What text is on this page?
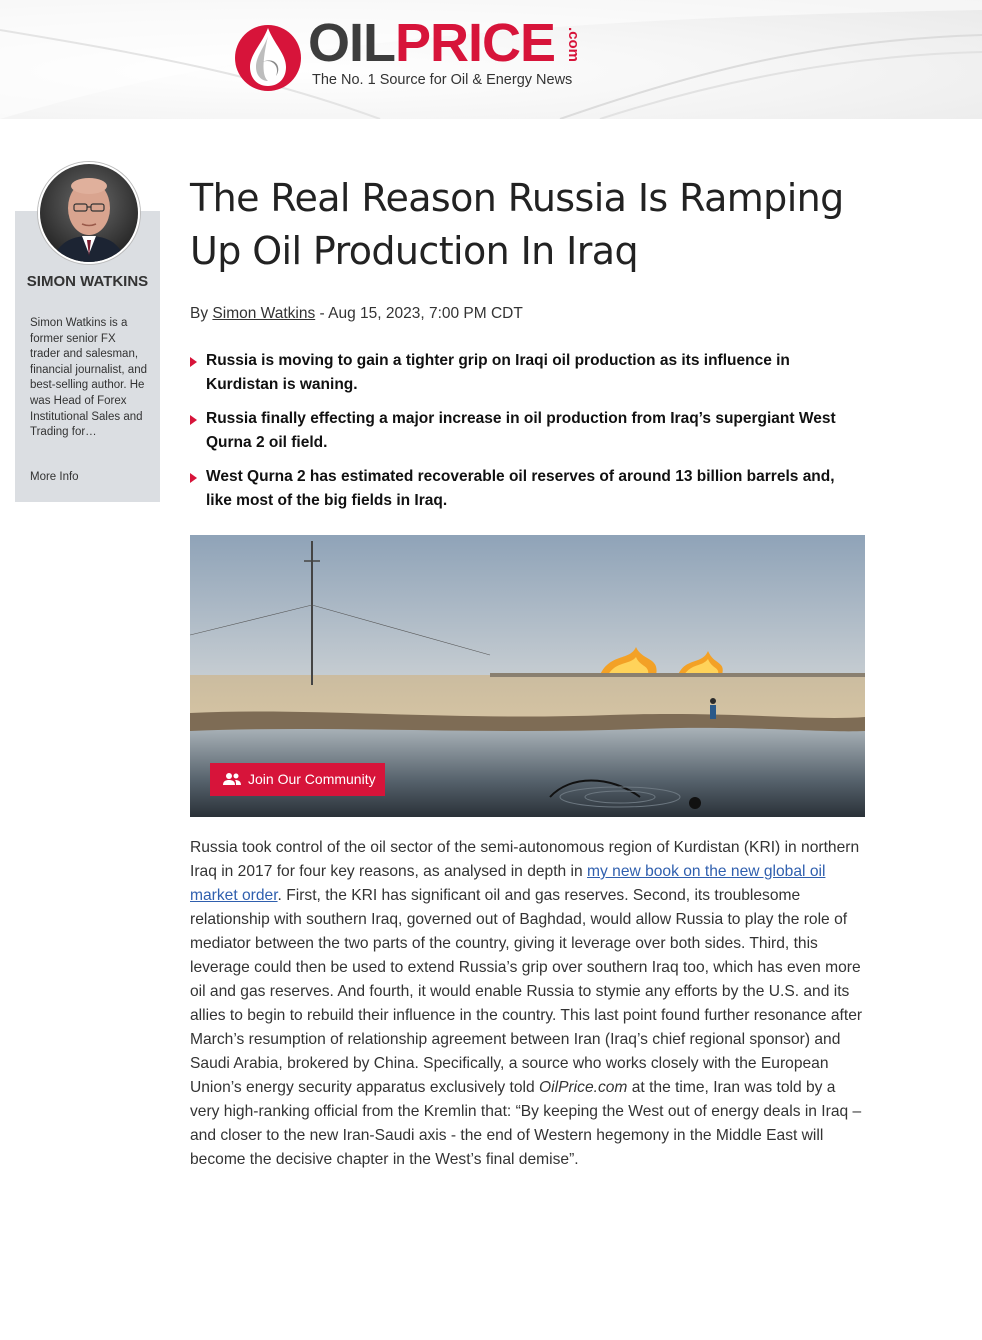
OILPRICE .com
The No. 1 Source for Oil & Energy News
SIMON WATKINS
Simon Watkins is a former senior FX trader and salesman, financial journalist, and best-selling author. He was Head of Forex Institutional Sales and Trading for…
More Info
The Real Reason Russia Is Ramping Up Oil Production In Iraq
By Simon Watkins - Aug 15, 2023, 7:00 PM CDT
Russia is moving to gain a tighter grip on Iraqi oil production as its influence in Kurdistan is waning.
Russia finally effecting a major increase in oil production from Iraq’s supergiant West Qurna 2 oil field.
West Qurna 2 has estimated recoverable oil reserves of around 13 billion barrels and, like most of the big fields in Iraq.
Join Our Community

Russia took control of the oil sector of the semi-autonomous region of Kurdistan (KRI) in northern Iraq in 2017 for four key reasons, as analysed in depth in my new book on the new global oil market order. First, the KRI has significant oil and gas reserves. Second, its troublesome relationship with southern Iraq, governed out of Baghdad, would allow Russia to play the role of mediator between the two parts of the country, giving it leverage over both sides. Third, this leverage could then be used to extend Russia’s grip over southern Iraq too, which has even more oil and gas reserves. And fourth, it would enable Russia to stymie any efforts by the U.S. and its allies to begin to rebuild their influence in the country. This last point found further resonance after March’s resumption of relationship agreement between Iran (Iraq’s chief regional sponsor) and Saudi Arabia, brokered by China. Specifically, a source who works closely with the European Union’s energy security apparatus exclusively told OilPrice.com at the time, Iran was told by a very high-ranking official from the Kremlin that: “By keeping the West out of energy deals in Iraq – and closer to the new Iran-Saudi axis - the end of Western hegemony in the Middle East will become the decisive chapter in the West’s final demise”.
